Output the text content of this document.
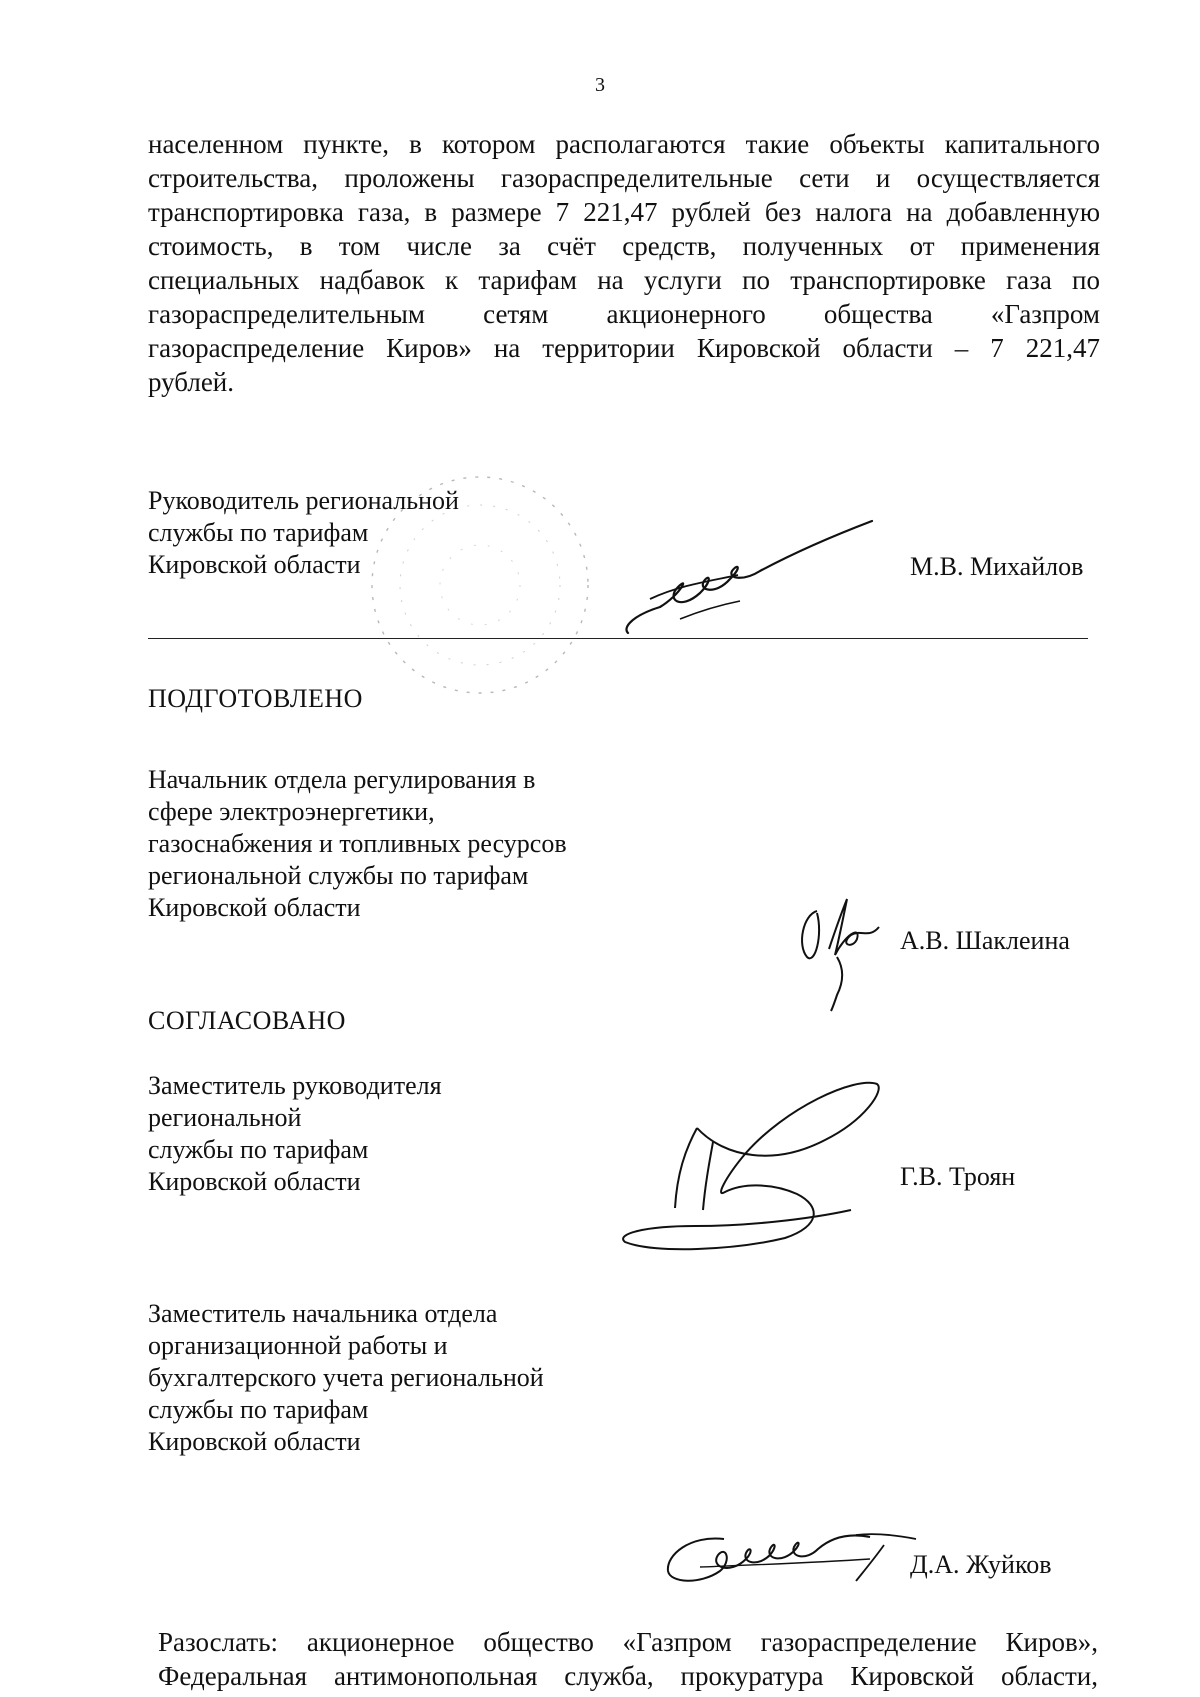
3
населенном пункте, в котором располагаются такие объекты капитального
строительства, проложены газораспределительные сети и осуществляется
транспортировка газа, в размере 7 221,47 рублей без налога на добавленную
стоимость, в том числе за счёт средств, полученных от применения
специальных надбавок к тарифам на услуги по транспортировке газа по
газораспределительным сетям акционерного общества «Газпром
газораспределение Киров» на территории Кировской области – 7 221,47
рублей.
Руководитель региональной
службы по тарифам
Кировской области	М.В. Михайлов
ПОДГОТОВЛЕНО
Начальник отдела регулирования в
сфере электроэнергетики,
газоснабжения и топливных ресурсов
региональной службы по тарифам
Кировской области
А.В. Шаклеина
СОГЛАСОВАНО
Заместитель руководителя
региональной
службы по тарифам
Кировской области	Г.В. Троян
Заместитель начальника отдела
организационной работы и
бухгалтерского учета региональной
службы по тарифам
Кировской области
Д.А. Жуйков
Разослать: акционерное общество «Газпром газораспределение Киров»,
Федеральная антимонопольная служба, прокуратура Кировской области,
